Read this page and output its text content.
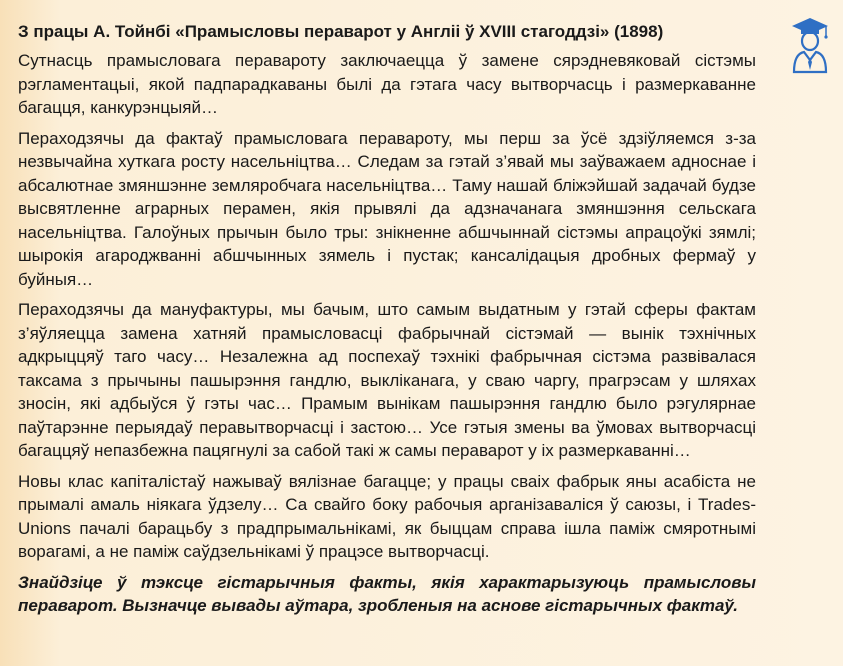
З працы А. Тойнбі «Прамысловы пераварот у Англіі ў XVIII стагоддзі» (1898)
Сутнасць прамысловага перавароту заключаецца ў замене сярэдневяковай сістэмы рэгламентацыі, якой падпарадкаваны былі да гэтага часу вытворчасць і размеркаванне багацця, канкурэнцыяй…
Пераходзячы да фактаў прамысловага перавароту, мы перш за ўсё здзіўляемся з-за незвычайна хуткага росту насельніцтва… Следам за гэтай з’явай мы заўважаем адноснае і абсалютнае змяншэнне земляробчага насельніцтва… Таму нашай бліжэйшай задачай будзе высвятленне аграрных перамен, якія прывялі да адзначанага змяншэння сельскага насельніцтва. Галоўных прычын было тры: знікненне абшчыннай сістэмы апрацоўкі зямлі; шырокія агароджванні абшчынных зямель і пустак; кансалідацыя дробных фермаў у буйныя…
Пераходзячы да мануфактуры, мы бачым, што самым выдатным у гэтай сферы фактам з’яўляецца замена хатняй прамысловасці фабрычнай сістэмай — вынік тэхнічных адкрыццяў таго часу… Незалежна ад поспехаў тэхнікі фабрычная сістэма развівалася таксама з прычыны пашырэння гандлю, выкліканага, у сваю чаргу, прагрэсам у шляхах зносін, які адбыўся ў гэты час… Прамым вынікам пашырэння гандлю было рэгулярнае паўтарэнне перыядаў перавытворчасці і застою… Усе гэтыя змены ва ўмовах вытворчасці багаццяў непазбежна пацягнулі за сабой такі ж самы пераварот у іх размеркаванні…
Новы клас капіталістаў нажываў вялізнае багацце; у працы сваіх фабрык яны асабіста не прымалі амаль ніякага ўдзелу… Са свайго боку рабочыя арганізаваліся ў саюзы, і Trades-Unions пачалі барацьбу з прадпрымальнікамі, як быццам справа ішла паміж смяротнымі ворагамі, а не паміж саўдзельнікамі ў працэсе вытворчасці.
Знайдзіце ў тэксце гістарычныя факты, якія характарызуюць прамысловы пераварот. Вызначце вывады аўтара, зробленыя на аснове гістарычных фактаў.
